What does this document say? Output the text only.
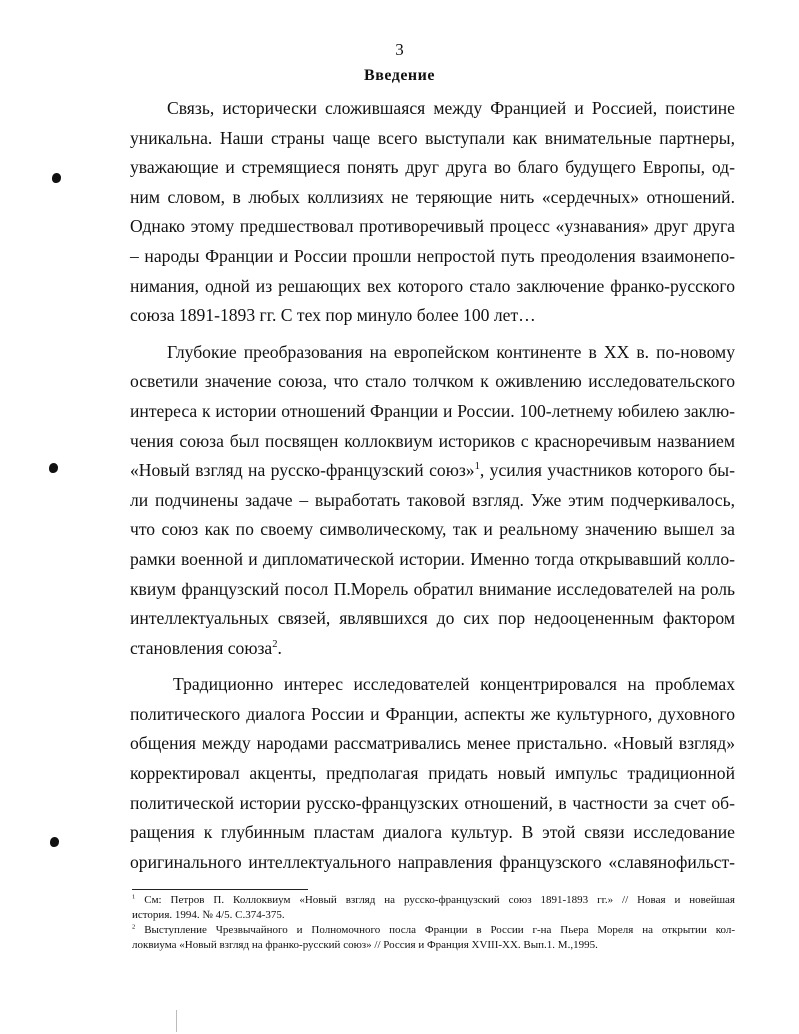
3
Введение
Связь, исторически сложившаяся между Францией и Россией, поистине
уникальна. Наши страны чаще всего выступали как внимательные партнеры,
уважающие и стремящиеся понять друг друга во благо будущего Европы, од-
ним словом, в любых коллизиях не теряющие нить «сердечных» отношений.
Однако этому предшествовал противоречивый процесс «узнавания» друг друга
– народы Франции и России прошли непростой путь преодоления взаимонепо-
нимания, одной из решающих вех которого стало заключение франко-русского
союза 1891-1893 гг. С тех пор минуло более 100 лет…
Глубокие преобразования на европейском континенте в XX в. по-новому
осветили значение союза, что стало толчком к оживлению исследовательского
интереса к истории отношений Франции и России. 100-летнему юбилею заклю-
чения союза был посвящен коллоквиум историков с красноречивым названием
«Новый взгляд на русско-французский союз»$^1$, усилия участников которого бы-
ли подчинены задаче – выработать таковой взгляд. Уже этим подчеркивалось,
что союз как по своему символическому, так и реальному значению вышел за
рамки военной и дипломатической истории. Именно тогда открывавший колло-
квиум французский посол П.Морель обратил внимание исследователей на роль
интеллектуальных связей, являвшихся до сих пор недооцененным фактором
становления союза$^2$.
Традиционно интерес исследователей концентрировался на проблемах
политического диалога России и Франции, аспекты же культурного, духовного
общения между народами рассматривались менее пристально. «Новый взгляд»
корректировал акценты, предполагая придать новый импульс традиционной
политической истории русско-французских отношений, в частности за счет об-
ращения к глубинным пластам диалога культур. В этой связи исследование
оригинального интеллектуального направления французского «славянофильст-
$^1$ См: Петров П. Коллоквиум «Новый взгляд на русско-французский союз 1891-1893 гг.» // Новая и новейшая
история. 1994. № 4/5. С.374-375.
$^2$ Выступление Чрезвычайного и Полномочного посла Франции в России г-на Пьера Мореля на открытии кол-
локвиума «Новый взгляд на франко-русский союз» // Россия и Франция XVIII-XX. Вып.1. М.,1995.
